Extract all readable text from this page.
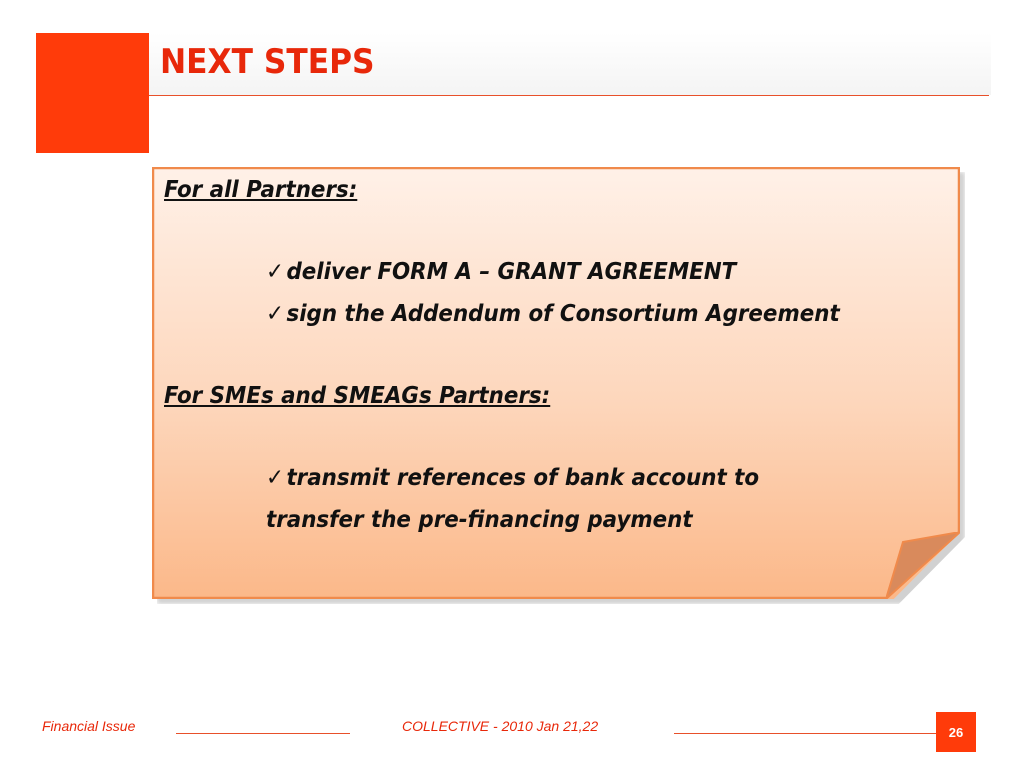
NEXT STEPS
For all Partners:
✓ deliver FORM A – GRANT AGREEMENT
✓ sign the Addendum of Consortium Agreement
For SMEs and SMEAGs Partners:
✓ transmit references of bank account to
transfer the pre-financing payment
Financial Issue	COLLECTIVE - 2010 Jan 21,22	26
